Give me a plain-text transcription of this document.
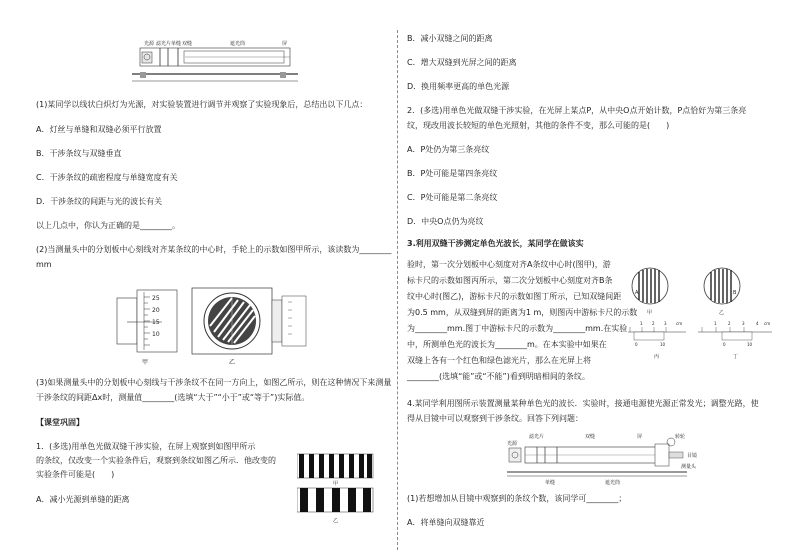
光源 滤光片 单缝 双缝	遮光筒	屏
(1)某同学以线状白炽灯为光源，对实验装置进行调节并观察了实验现象后，总结出以下几点：
A．灯丝与单缝和双缝必须平行放置
B．干涉条纹与双缝垂直
C．干涉条纹的疏密程度与单缝宽度有关
D．干涉条纹的间距与光的波长有关
以上几点中，你认为正确的是________。
(2)当测量头中的分划板中心刻线对齐某条纹的中心时，手轮上的示数如图甲所示，该读数为________
mm
25
20
15
10
甲	乙
(3)如果测量头中的分划板中心刻线与干涉条纹不在同一方向上，如图乙所示，则在这种情况下来测量
干涉条纹的间距Δx时，测量值________(选填“大于”“小于”或“等于”)实际值。
【课堂巩固】
1．(多选)用单色光做双缝干涉实验，在屏上观察到如图甲所示
的条纹，仅改变一个实验条件后，观察到条纹如图乙所示．他改变的
实验条件可能是(　　)
A．减小光源到单缝的距离
甲
乙
B．减小双缝之间的距离
C．增大双缝到光屏之间的距离
D．换用频率更高的单色光源
2．(多选)用单色光做双缝干涉实验，在光屏上某点P，从中央O点开始计数，P点恰好为第三条亮
纹，现改用波长较短的单色光照射，其他的条件不变，那么可能的是(　　)
A．P处仍为第三条亮纹
B．P处可能是第四条亮纹
C．P处可能是第二条亮纹
D．中央O点仍为亮纹
3.利用双缝干涉测定单色光波长，某同学在做该实
验时，第一次分划板中心刻度对齐A条纹中心时(图甲)，游
标卡尺的示数如图丙所示，第二次分划板中心刻度对齐B条
纹中心时(图乙)，游标卡尺的示数如图丁所示，已知双缝间距
为0.5 mm，从双缝到屏的距离为1 m，则图丙中游标卡尺的示数
为________mm.图丁中游标卡尺的示数为________mm.在实验
中，所测单色光的波长为________m。在本实验中如果在
双缝上各有一个红色和绿色滤光片，那么在光屏上将
________(选填“能”或“不能”)看到明暗相间的条纹。
A
甲
B
乙
1 2 3 cm
0	10
丙
1	2	3	4 cm
0	10
丁
4.某同学利用图所示装置测量某种单色光的波长．实验时，接通电源使光源正常发光；调整光路，使
得从目镜中可以观察到干涉条纹。回答下列问题：
滤光片	双缝	屏	转轮
光源
单缝	遮光筒
目镜
测量头
(1)若想增加从目镜中观察到的条纹个数，该同学可________；
A．将单缝向双缝靠近
